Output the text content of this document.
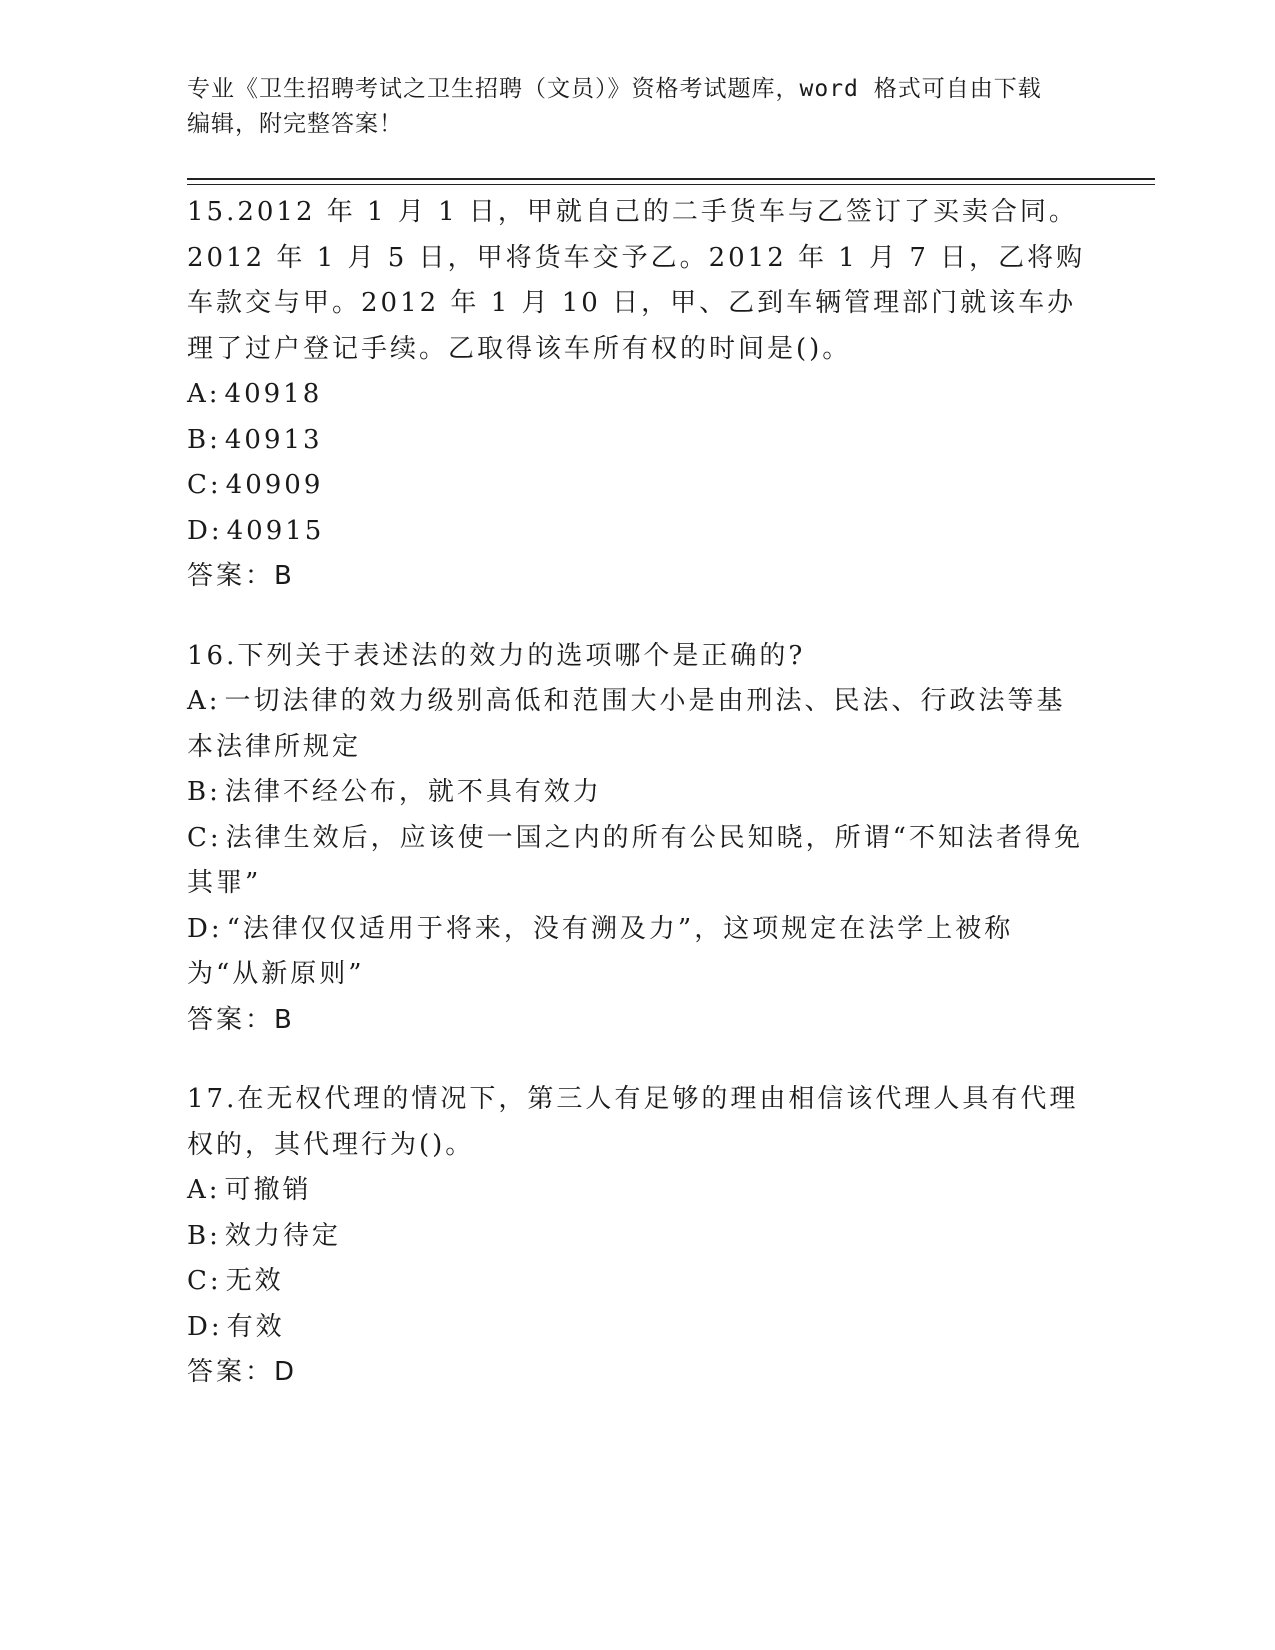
专业《卫生招聘考试之卫生招聘（文员）》资格考试题库，word 格式可自由下载
编辑，附完整答案！

15.2012 年 1 月 1 日，甲就自己的二手货车与乙签订了买卖合同。2012 年 1 月 5 日，甲将货车交予乙。2012 年 1 月 7 日，乙将购车款交与甲。2012 年 1 月 10 日，甲、乙到车辆管理部门就该车办理了过户登记手续。乙取得该车所有权的时间是()。

A: 40918

B: 40913

C: 40909

D: 40915

答案：B

16.下列关于表述法的效力的选项哪个是正确的?

A: 一切法律的效力级别高低和范围大小是由刑法、民法、行政法等基本法律所规定

B: 法律不经公布，就不具有效力

C: 法律生效后，应该使一国之内的所有公民知晓，所谓“不知法者得免其罪”

D: “法律仅仅适用于将来，没有溯及力”，这项规定在法学上被称为“从新原则”

答案：B

17.在无权代理的情况下，第三人有足够的理由相信该代理人具有代理权的，其代理行为()。

A: 可撤销

B: 效力待定

C: 无效

D: 有效

答案：D
